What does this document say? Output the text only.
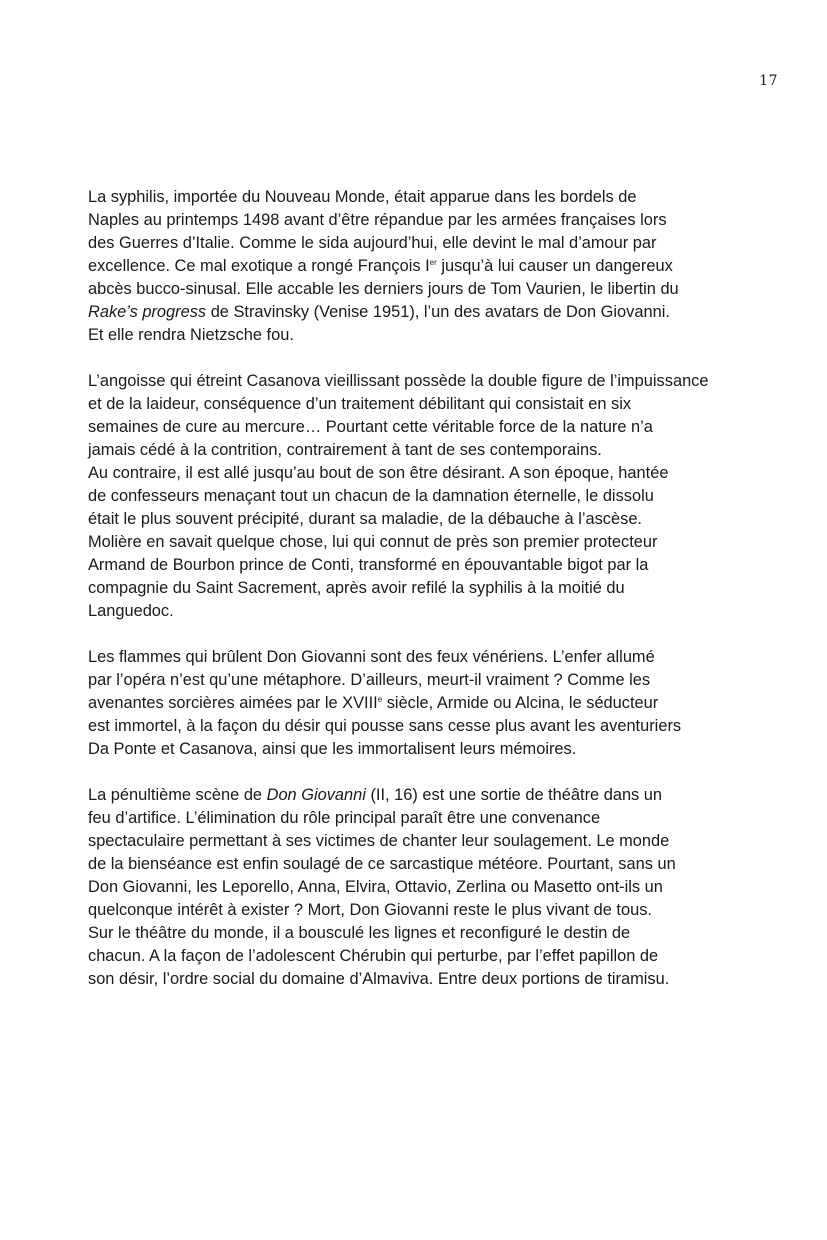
17

La syphilis, importée du Nouveau Monde, était apparue dans les bordels de
Naples au printemps 1498 avant d’être répandue par les armées françaises lors
des Guerres d’Italie. Comme le sida aujourd’hui, elle devint le mal d’amour par
excellence. Ce mal exotique a rongé François Ier jusqu’à lui causer un dangereux
abcès bucco-sinusal. Elle accable les derniers jours de Tom Vaurien, le libertin du
Rake’s progress de Stravinsky (Venise 1951), l’un des avatars de Don Giovanni.
Et elle rendra Nietzsche fou.

L’angoisse qui étreint Casanova vieillissant possède la double figure de l’impuissance
et de la laideur, conséquence d’un traitement débilitant qui consistait en six
semaines de cure au mercure… Pourtant cette véritable force de la nature n’a
jamais cédé à la contrition, contrairement à tant de ses contemporains.
Au contraire, il est allé jusqu’au bout de son être désirant. A son époque, hantée
de confesseurs menaçant tout un chacun de la damnation éternelle, le dissolu
était le plus souvent précipité, durant sa maladie, de la débauche à l’ascèse.
Molière en savait quelque chose, lui qui connut de près son premier protecteur
Armand de Bourbon prince de Conti, transformé en épouvantable bigot par la
compagnie du Saint Sacrement, après avoir refilé la syphilis à la moitié du
Languedoc.

Les flammes qui brûlent Don Giovanni sont des feux vénériens. L’enfer allumé
par l’opéra n’est qu’une métaphore. D’ailleurs, meurt-il vraiment ? Comme les
avenantes sorcières aimées par le XVIIIe siècle, Armide ou Alcina, le séducteur
est immortel, à la façon du désir qui pousse sans cesse plus avant les aventuriers
Da Ponte et Casanova, ainsi que les immortalisent leurs mémoires.

La pénultième scène de Don Giovanni (II, 16) est une sortie de théâtre dans un
feu d’artifice. L’élimination du rôle principal paraît être une convenance
spectaculaire permettant à ses victimes de chanter leur soulagement. Le monde
de la bienséance est enfin soulagé de ce sarcastique météore. Pourtant, sans un
Don Giovanni, les Leporello, Anna, Elvira, Ottavio, Zerlina ou Masetto ont-ils un
quelconque intérêt à exister ? Mort, Don Giovanni reste le plus vivant de tous.
Sur le théâtre du monde, il a bousculé les lignes et reconfiguré le destin de
chacun. A la façon de l’adolescent Chérubin qui perturbe, par l’effet papillon de
son désir, l’ordre social du domaine d’Almaviva. Entre deux portions de tiramisu.
